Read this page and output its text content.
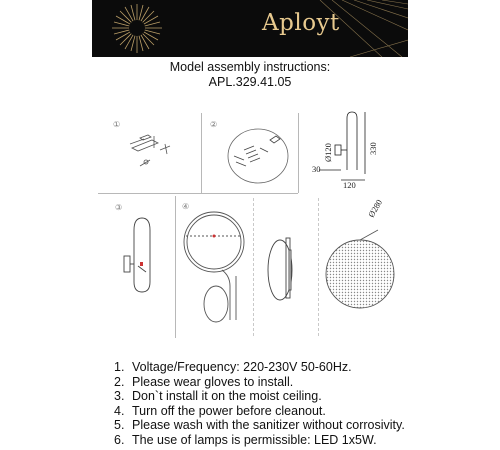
Aployt
Model assembly instructions:
APL.329.41.05
①	②
330
Ø120
30
120
③	④	Ø280
1. Voltage/Frequency: 220-230V 50-60Hz.
2. Please wear gloves to install.
3. Don`t install it on the moist ceiling.
4. Turn off the power before cleanout.
5. Please wash with the sanitizer without corrosivity.
6. The use of lamps is permissible: LED 1x5W.
